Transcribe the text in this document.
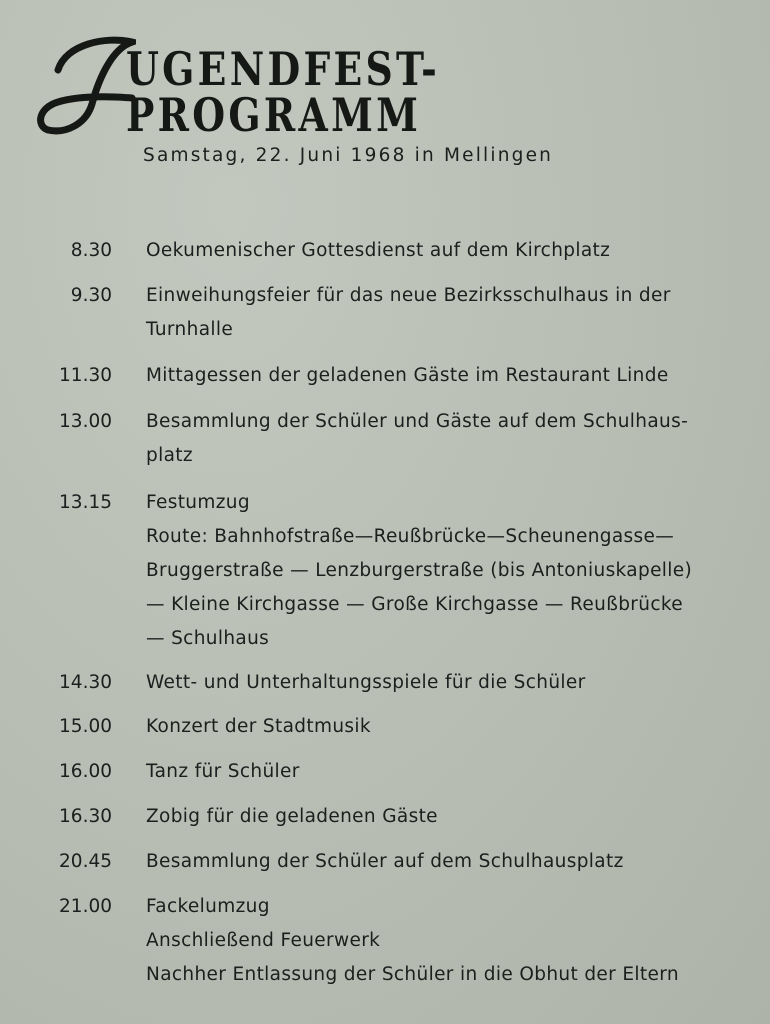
UGENDFEST-PROGRAMM
Samstag, 22. Juni 1968 in Mellingen
8.30 Oekumenischer Gottesdienst auf dem Kirchplatz
9.30 Einweihungsfeier für das neue Bezirksschulhaus in der
Turnhalle
11.30 Mittagessen der geladenen Gäste im Restaurant Linde
13.00 Besammlung der Schüler und Gäste auf dem Schulhaus-
platz
13.15 Festumzug
Route: Bahnhofstraße—Reußbrücke—Scheunengasse—
Bruggerstraße — Lenzburgerstraße (bis Antoniuskapelle)
— Kleine Kirchgasse — Große Kirchgasse — Reußbrücke
— Schulhaus
14.30 Wett- und Unterhaltungsspiele für die Schüler
15.00 Konzert der Stadtmusik
16.00 Tanz für Schüler
16.30 Zobig für die geladenen Gäste
20.45 Besammlung der Schüler auf dem Schulhausplatz
21.00 Fackelumzug
Anschließend Feuerwerk
Nachher Entlassung der Schüler in die Obhut der Eltern
